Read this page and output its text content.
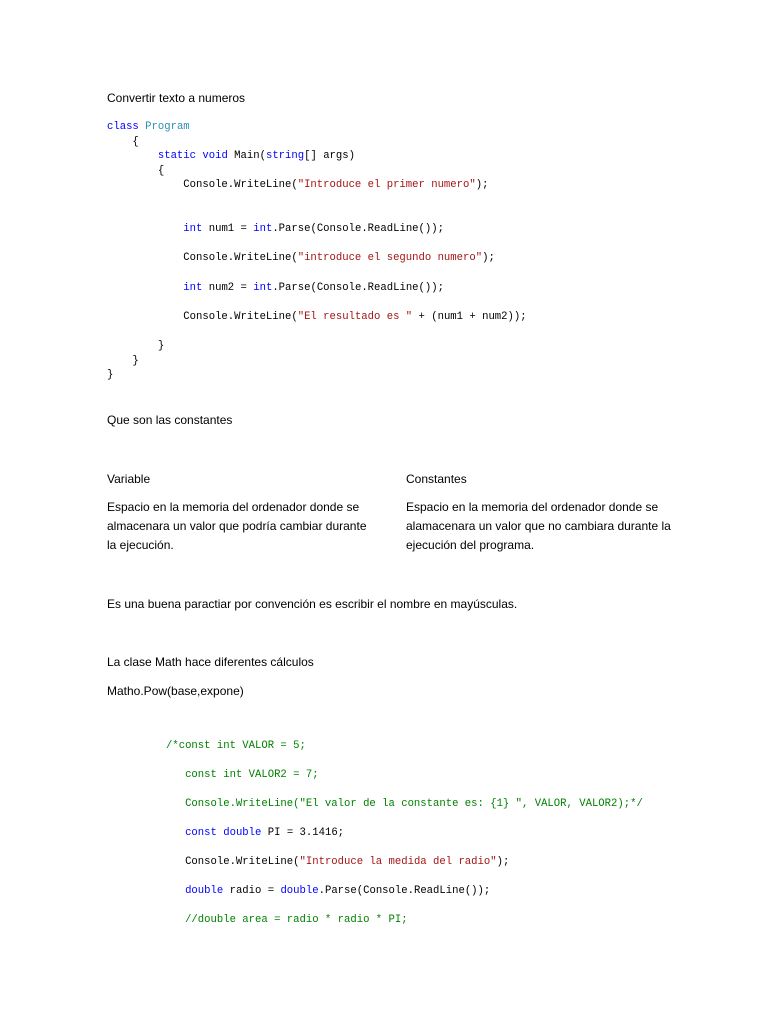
Convertir texto a numeros
class Program
{
static void Main(string[] args)
{
Console.WriteLine("Introduce el primer numero");
int num1 = int.Parse(Console.ReadLine());
Console.WriteLine("introduce el segundo numero");
int num2 = int.Parse(Console.ReadLine());
Console.WriteLine("El resultado es " + (num1 + num2));
}
}
}
Que son las constantes
Variable	Constantes
Espacio en la memoria del ordenador donde se almacenara un valor que podría cambiar durante la ejecución.
Espacio en la memoria del ordenador donde se alamacenara un valor que no cambiara durante la ejecución del programa.
Es una buena paractiar por convención es escribir el nombre en mayúsculas.
La clase Math hace diferentes cálculos
Matho.Pow(base,expone)
/*const int VALOR = 5;
const int VALOR2 = 7;
Console.WriteLine("El valor de la constante es: {1} ", VALOR, VALOR2);*/
const double PI = 3.1416;
Console.WriteLine("Introduce la medida del radio");
double radio = double.Parse(Console.ReadLine());
//double area = radio * radio * PI;
